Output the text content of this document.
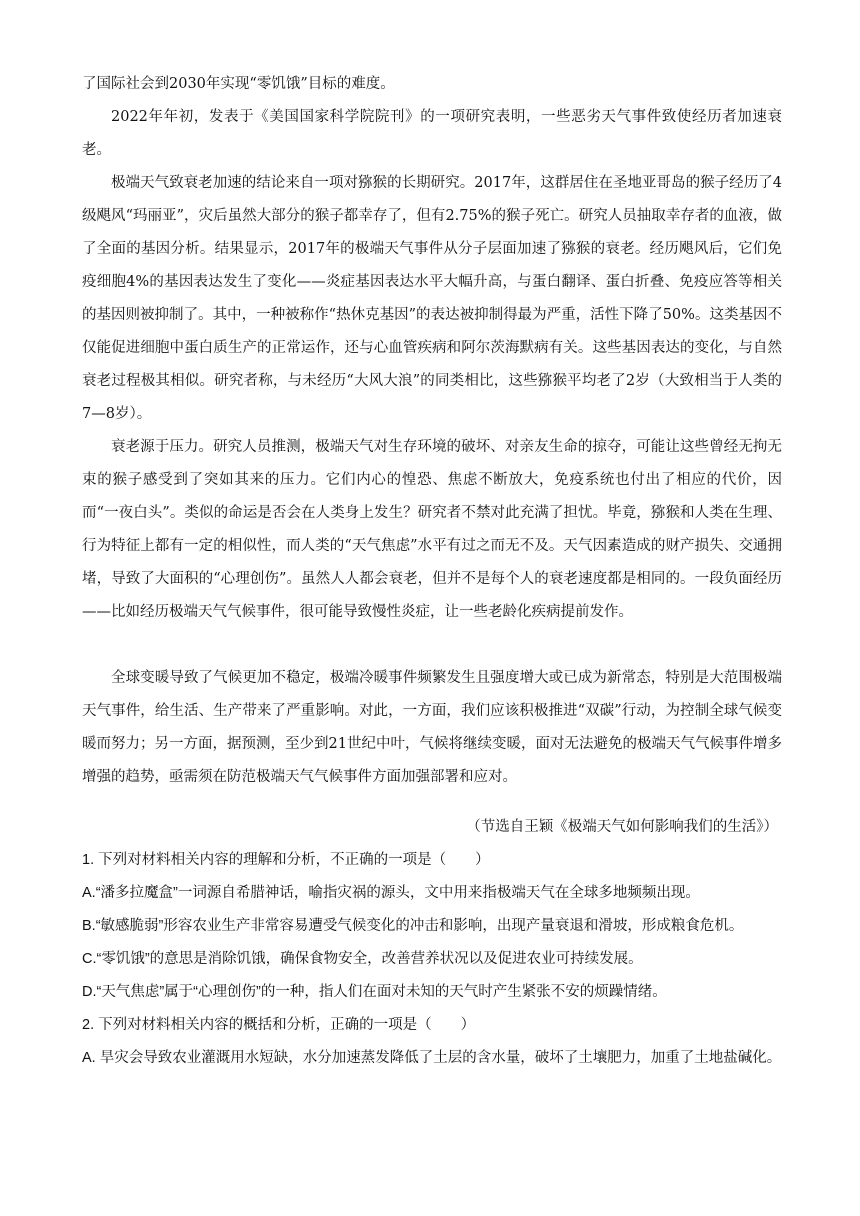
了国际社会到2030年实现“零饥饿”目标的难度。

2022年年初，发表于《美国国家科学院院刊》的一项研究表明，一些恶劣天气事件致使经历者加速衰老。

极端天气致衰老加速的结论来自一项对猕猴的长期研究。2017年，这群居住在圣地亚哥岛的猴子经历了4级飓风“玛丽亚”，灾后虽然大部分的猴子都幸存了，但有2.75%的猴子死亡。研究人员抽取幸存者的血液，做了全面的基因分析。结果显示，2017年的极端天气事件从分子层面加速了猕猴的衰老。经历飓风后，它们免疫细胞4%的基因表达发生了变化——炎症基因表达水平大幅升高，与蛋白翻译、蛋白折叠、免疫应答等相关的基因则被抑制了。其中，一种被称作“热休克基因”的表达被抑制得最为严重，活性下降了50%。这类基因不仅能促进细胞中蛋白质生产的正常运作，还与心血管疾病和阿尔茨海默病有关。这些基因表达的变化，与自然衰老过程极其相似。研究者称，与未经历“大风大浪”的同类相比，这些猕猴平均老了2岁（大致相当于人类的7—8岁）。

衰老源于压力。研究人员推测，极端天气对生存环境的破坏、对亲友生命的掠夺，可能让这些曾经无拘无束的猴子感受到了突如其来的压力。它们内心的惶恐、焦虑不断放大，免疫系统也付出了相应的代价，因而“一夜白头”。类似的命运是否会在人类身上发生？研究者不禁对此充满了担忧。毕竟，猕猴和人类在生理、行为特征上都有一定的相似性，而人类的“天气焦虑”水平有过之而无不及。天气因素造成的财产损失、交通拥堵，导致了大面积的“心理创伤”。虽然人人都会衰老，但并不是每个人的衰老速度都是相同的。一段负面经历——比如经历极端天气气候事件，很可能导致慢性炎症，让一些老龄化疾病提前发作。

全球变暖导致了气候更加不稳定，极端冷暖事件频繁发生且强度增大或已成为新常态，特别是大范围极端天气事件，给生活、生产带来了严重影响。对此，一方面，我们应该积极推进“双碳”行动，为控制全球气候变暖而努力；另一方面，据预测，至少到21世纪中叶，气候将继续变暖，面对无法避免的极端天气气候事件增多增强的趋势，亟需须在防范极端天气气候事件方面加强部署和应对。

（节选自王颖《极端天气如何影响我们的生活》）

1. 下列对材料相关内容的理解和分析，不正确的一项是（　　）

A.“潘多拉魔盒”一词源自希腊神话，喻指灾祸的源头，文中用来指极端天气在全球多地频频出现。

B.“敏感脆弱”形容农业生产非常容易遭受气候变化的冲击和影响，出现产量衰退和滑坡，形成粮食危机。

C.“零饥饿”的意思是消除饥饿，确保食物安全，改善营养状况以及促进农业可持续发展。

D.“天气焦虑”属于“心理创伤”的一种，指人们在面对未知的天气时产生紧张不安的烦躁情绪。

2. 下列对材料相关内容的概括和分析，正确的一项是（　　）

A. 旱灾会导致农业灌溉用水短缺，水分加速蒸发降低了土层的含水量，破坏了土壤肥力，加重了土地盐碱化。
